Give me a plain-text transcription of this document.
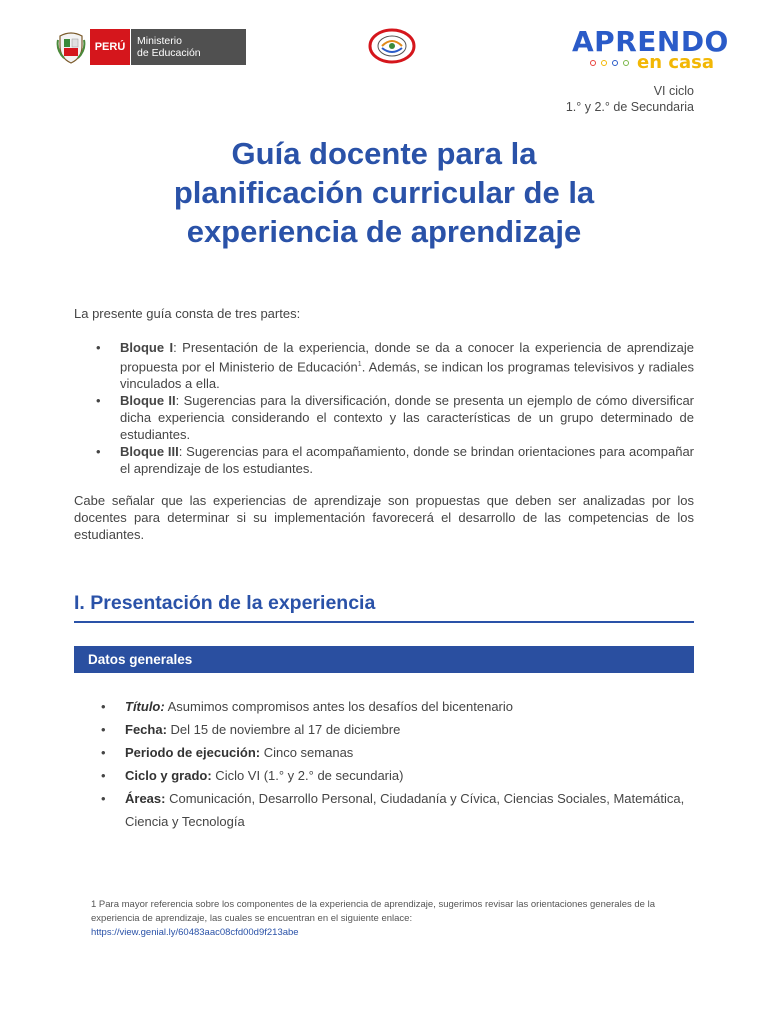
PERÚ	Ministerio
de Educación	APRENDO
en casa
VI ciclo
1.° y 2.° de Secundaria
Guía docente para la
planificación curricular de la
experiencia de aprendizaje

La presente guía consta de tres partes:

• Bloque I: Presentación de la experiencia, donde se da a conocer la experiencia de aprendizaje propuesta por el Ministerio de Educación$^1$. Además, se indican los programas televisivos y radiales vinculados a ella.
• Bloque II: Sugerencias para la diversificación, donde se presenta un ejemplo de cómo diversificar dicha experiencia considerando el contexto y las características de un grupo determinado de estudiantes.
• Bloque III: Sugerencias para el acompañamiento, donde se brindan orientaciones para acompañar el aprendizaje de los estudiantes.

Cabe señalar que las experiencias de aprendizaje son propuestas que deben ser analizadas por los docentes para determinar si su implementación favorecerá el desarrollo de las competencias de los estudiantes.

I. Presentación de la experiencia
Datos generales
• Título: Asumimos compromisos antes los desafíos del bicentenario
• Fecha: Del 15 de noviembre al 17 de diciembre
• Periodo de ejecución: Cinco semanas
• Ciclo y grado: Ciclo VI (1.° y 2.° de secundaria)
• Áreas: Comunicación, Desarrollo Personal, Ciudadanía y Cívica, Ciencias Sociales, Matemática, Ciencia y Tecnología
1 Para mayor referencia sobre los componentes de la experiencia de aprendizaje, sugerimos revisar las orientaciones generales de la experiencia de aprendizaje, las cuales se encuentran en el siguiente enlace:
https://view.genial.ly/60483aac08cfd00d9f213abe
